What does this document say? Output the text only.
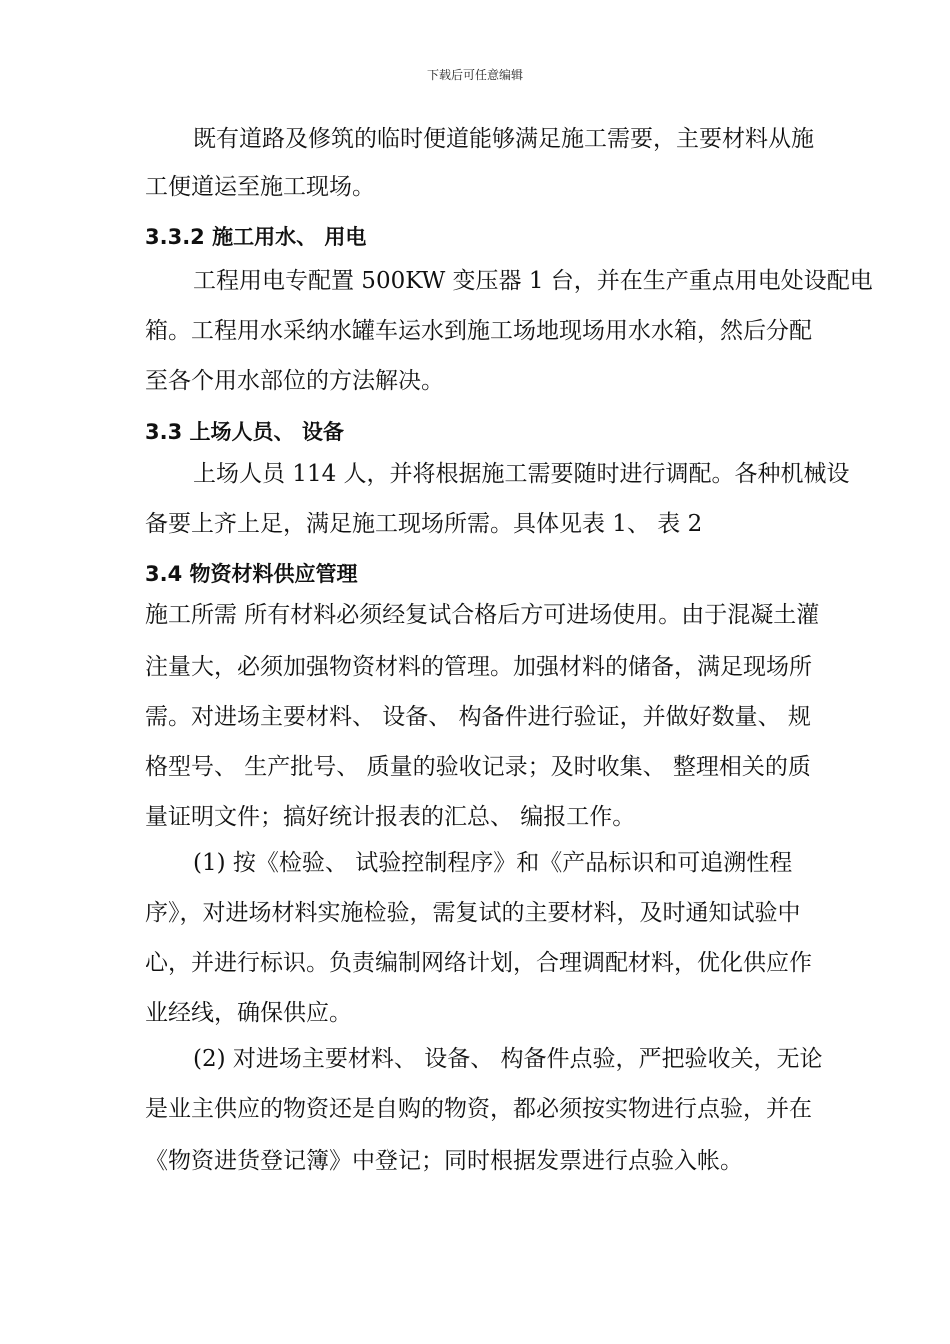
下载后可任意编辑
既有道路及修筑的临时便道能够满足施工需要，主要材料从施
工便道运至施工现场。
3.3.2 施工用水、 用电
工程用电专配置 500KW 变压器 1 台，并在生产重点用电处设配电
箱。工程用水采纳水罐车运水到施工场地现场用水水箱，然后分配
至各个用水部位的方法解决。
3.3 上场人员、 设备
上场人员 114 人，并将根据施工需要随时进行调配。各种机械设
备要上齐上足，满足施工现场所需。具体见表 1、 表 2
3.4 物资材料供应管理
施工所需 所有材料必须经复试合格后方可进场使用。由于混凝土灌
注量大，必须加强物资材料的管理。加强材料的储备，满足现场所
需。对进场主要材料、 设备、 构备件进行验证，并做好数量、 规
格型号、 生产批号、 质量的验收记录；及时收集、 整理相关的质
量证明文件；搞好统计报表的汇总、 编报工作。
(1) 按《检验、 试验控制程序》和《产品标识和可追溯性程
序》，对进场材料实施检验，需复试的主要材料，及时通知试验中
心，并进行标识。负责编制网络计划，合理调配材料，优化供应作
业经线，确保供应。
(2) 对进场主要材料、 设备、 构备件点验，严把验收关，无论
是业主供应的物资还是自购的物资，都必须按实物进行点验，并在
《物资进货登记簿》中登记；同时根据发票进行点验入帐。
